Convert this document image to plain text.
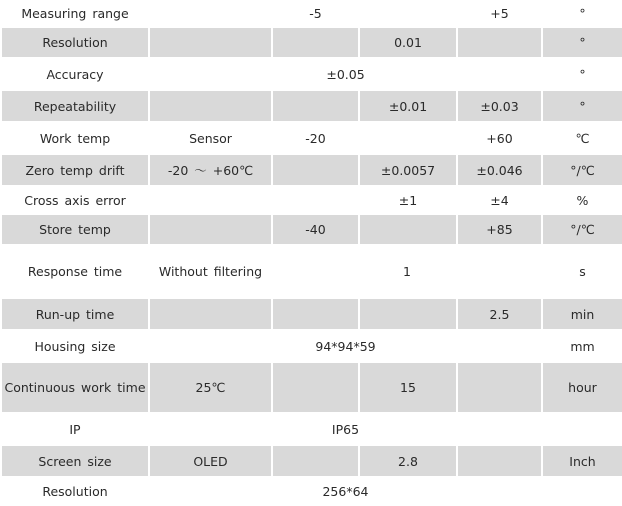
Measuring range		-5		+5	°
Resolution			0.01		°
Accuracy	±0.05				°
Repeatability			±0.01	±0.03	°
Work temp	Sensor	-20		+60	℃
Zero temp drift	-20 ～ +60℃		±0.0057	±0.046	°/℃
Cross axis error			±1	±4	%
Store temp		-40		+85	°/℃
Response time	Without filtering	1			s
Run-up time				2.5	min
Housing size	94*94*59				mm
Continuous work time	25℃		15		hour
IP	IP65				
Screen size	OLED		2.8		Inch
Resolution	256*64				
